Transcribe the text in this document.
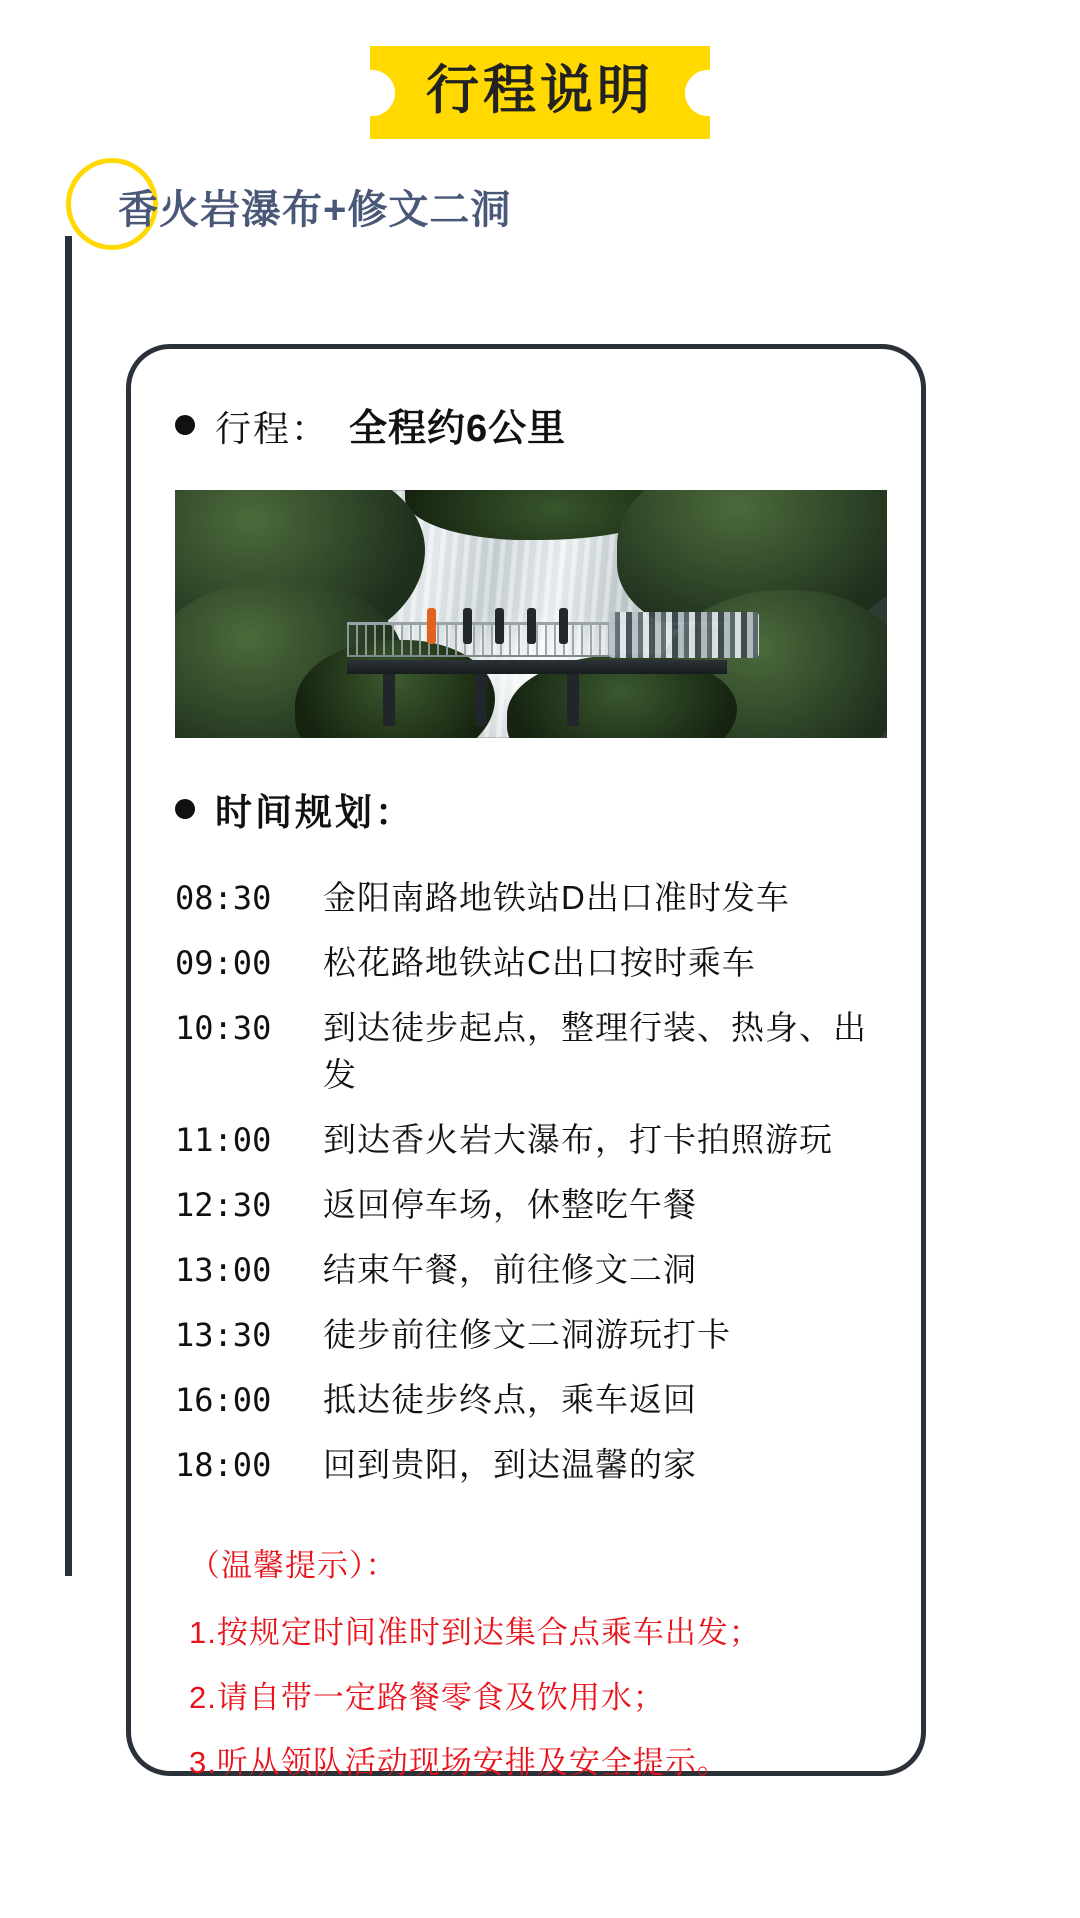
行程说明
香火岩瀑布+修文二洞
行程： 全程约6公里
时间规划：
08:30	金阳南路地铁站D出口准时发车
09:00	松花路地铁站C出口按时乘车
10:30	到达徒步起点，整理行装、热身、出发
11:00	到达香火岩大瀑布，打卡拍照游玩
12:30	返回停车场，休整吃午餐
13:00	结束午餐，前往修文二洞
13:30	徒步前往修文二洞游玩打卡
16:00	抵达徒步终点，乘车返回
18:00	回到贵阳，到达温馨的家
（温馨提示）：
1.按规定时间准时到达集合点乘车出发；
2.请自带一定路餐零食及饮用水；
3.听从领队活动现场安排及安全提示。
